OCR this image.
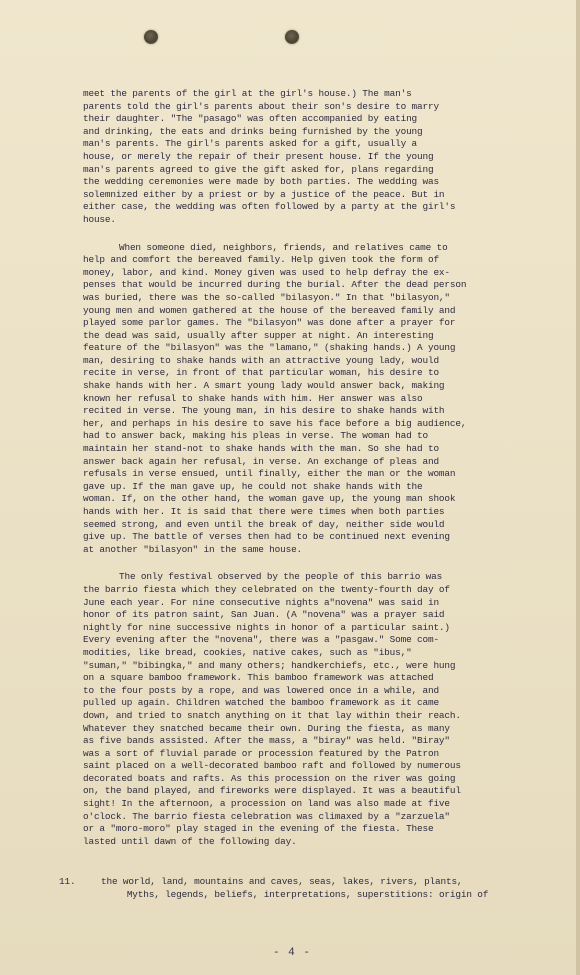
meet the parents of the girl at the girl's house.) The man's
parents told the girl's parents about their son's desire to marry
their daughter. "The "pasago" was often accompanied by eating
and drinking, the eats and drinks being furnished by the young
man's parents. The girl's parents asked for a gift, usually a
house, or merely the repair of their present house. If the young
man's parents agreed to give the gift asked for, plans regarding
the wedding ceremonies were made by both parties. The wedding was
solemnized either by a priest or by a justice of the peace. But in
either case, the wedding was often followed by a party at the girl's
house.
When someone died, neighbors, friends, and relatives came to
help and comfort the bereaved family. Help given took the form of
money, labor, and kind. Money given was used to help defray the ex-
penses that would be incurred during the burial. After the dead person
was buried, there was the so-called "bilasyon." In that "bilasyon,"
young men and women gathered at the house of the bereaved family and
played some parlor games. The "bilasyon" was done after a prayer for
the dead was said, usually after supper at night. An interesting
feature of the "bilasyon" was the "lamano," (shaking hands.) A young
man, desiring to shake hands with an attractive young lady, would
recite in verse, in front of that particular woman, his desire to
shake hands with her. A smart young lady would answer back, making
known her refusal to shake hands with him. Her answer was also
recited in verse. The young man, in his desire to shake hands with
her, and perhaps in his desire to save his face before a big audience,
had to answer back, making his pleas in verse. The woman had to
maintain her stand-not to shake hands with the man. So she had to
answer back again her refusal, in verse. An exchange of pleas and
refusals in verse ensued, until finally, either the man or the woman
gave up. If the man gave up, he could not shake hands with the
woman. If, on the other hand, the woman gave up, the young man shook
hands with her. It is said that there were times when both parties
seemed strong, and even until the break of day, neither side would
give up. The battle of verses then had to be continued next evening
at another "bilasyon" in the same house.
The only festival observed by the people of this barrio was
the barrio fiesta which they celebrated on the twenty-fourth day of
June each year. For nine consecutive nights a"novena" was said in
honor of its patron saint, San Juan. (A "novena" was a prayer said
nightly for nine successive nights in honor of a particular saint.)
Every evening after the "novena", there was a "pasgaw." Some com-
modities, like bread, cookies, native cakes, such as "ibus,"
"suman," "bibingka," and many others; handkerchiefs, etc., were hung
on a square bamboo framework. This bamboo framework was attached
to the four posts by a rope, and was lowered once in a while, and
pulled up again. Children watched the bamboo framework as it came
down, and tried to snatch anything on it that lay within their reach.
Whatever they snatched became their own. During the fiesta, as many
as five bands assisted. After the mass, a "biray" was held. "Biray"
was a sort of fluvial parade or procession featured by the Patron
saint placed on a well-decorated bamboo raft and followed by numerous
decorated boats and rafts. As this procession on the river was going
on, the band played, and fireworks were displayed. It was a beautiful
sight! In the afternoon, a procession on land was also made at five
o'clock. The barrio fiesta celebration was climaxed by a "zarzuela"
or a "moro-moro" play staged in the evening of the fiesta. These
lasted until dawn of the following day.

11.

Myths, legends, beliefs, interpretations, superstitions: origin of

the world, land, mountains and caves, seas, lakes, rivers, plants,
- 4 -
